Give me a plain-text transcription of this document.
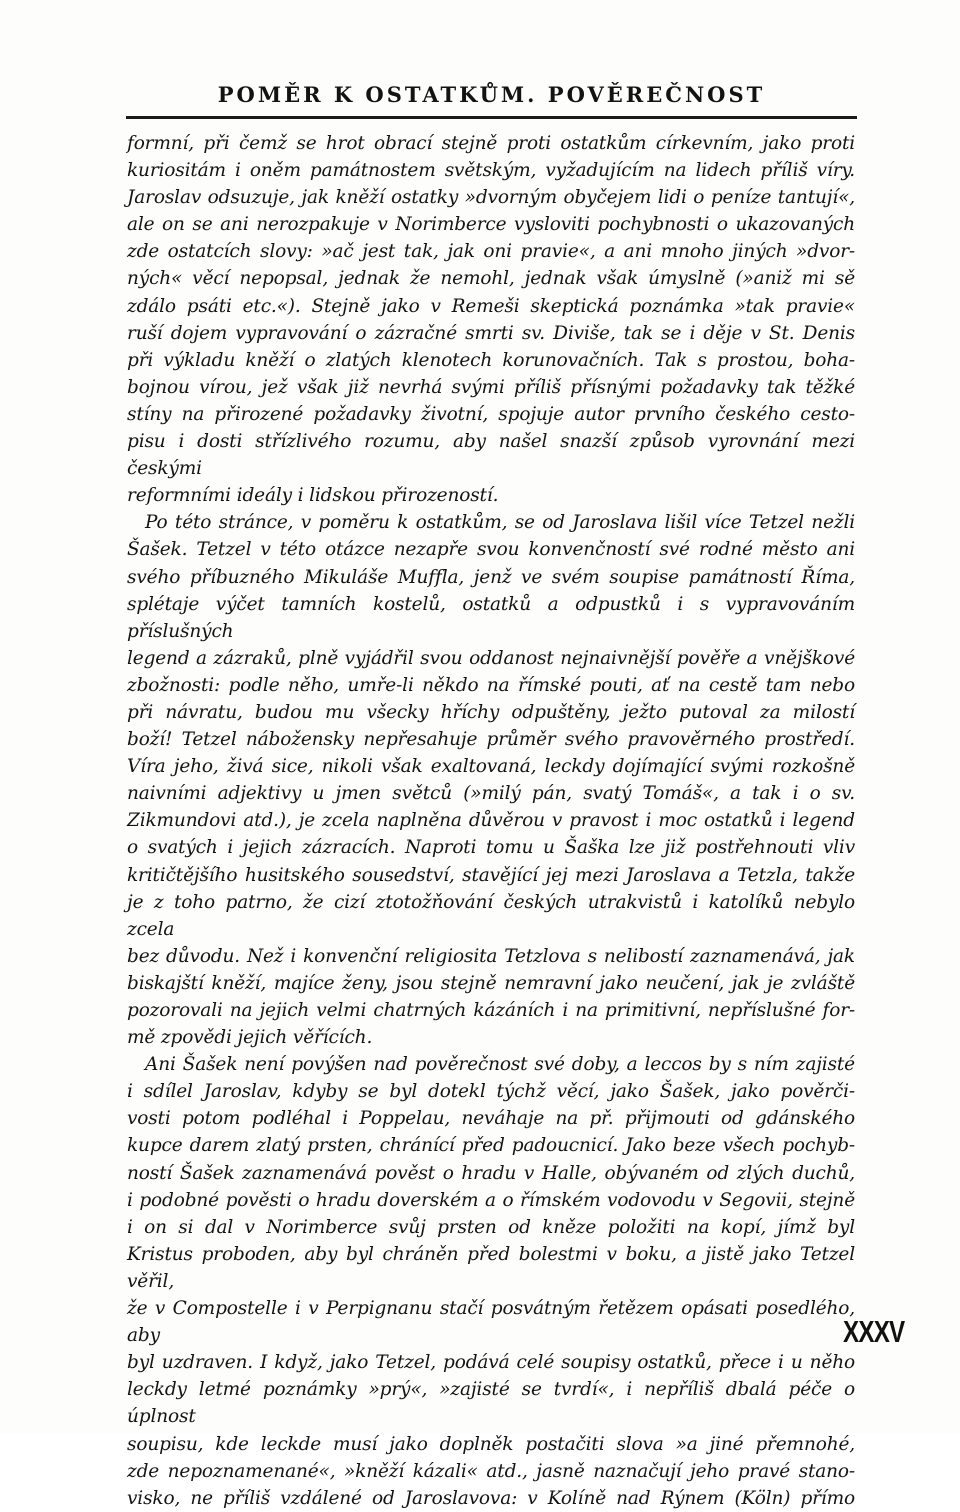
POMĚR K OSTATKŮM. POVĚREČNOST
formní, při čemž se hrot obrací stejně proti ostatkům církevním, jako proti
kuriositám i oněm památnostem světským, vyžadujícím na lidech příliš víry.
Jaroslav odsuzuje, jak kněží ostatky »dvorným obyčejem lidi o peníze tantují«,
ale on se ani nerozpakuje v Norimberce vysloviti pochybnosti o ukazovaných
zde ostatcích slovy: »ač jest tak, jak oni pravie«, a ani mnoho jiných »dvor-
ných« věcí nepopsal, jednak že nemohl, jednak však úmyslně (»aniž mi sě
zdálo psáti etc.«). Stejně jako v Remeši skeptická poznámka »tak pravie«
ruší dojem vypravování o zázračné smrti sv. Diviše, tak se i děje v St. Denis
při výkladu kněží o zlatých klenotech korunovačních. Tak s prostou, boha-
bojnou vírou, jež však již nevrhá svými příliš přísnými požadavky tak těžké
stíny na přirozené požadavky životní, spojuje autor prvního českého cesto-
pisu i dosti střízlivého rozumu, aby našel snazší způsob vyrovnání mezi českými
reformními ideály i lidskou přirozeností.
Po této stránce, v poměru k ostatkům, se od Jaroslava lišil více Tetzel nežli
Šašek. Tetzel v této otázce nezapře svou konvenčností své rodné město ani
svého příbuzného Mikuláše Muffla, jenž ve svém soupise památností Říma,
splétaje výčet tamních kostelů, ostatků a odpustků i s vypravováním příslušných
legend a zázraků, plně vyjádřil svou oddanost nejnaivnější pověře a vnějškové
zbožnosti: podle něho, umře-li někdo na římské pouti, ať na cestě tam nebo
při návratu, budou mu všecky hříchy odpuštěny, ježto putoval za milostí
boží! Tetzel nábožensky nepřesahuje průměr svého pravověrného prostředí.
Víra jeho, živá sice, nikoli však exaltovaná, leckdy dojímající svými rozkošně
naivními adjektivy u jmen světců (»milý pán, svatý Tomáš«, a tak i o sv.
Zikmundovi atd.), je zcela naplněna důvěrou v pravost i moc ostatků i legend
o svatých i jejich zázracích. Naproti tomu u Šaška lze již postřehnouti vliv
kritičtějšího husitského sousedství, stavějící jej mezi Jaroslava a Tetzla, takže
je z toho patrno, že cizí ztotožňování českých utrakvistů i katolíků nebylo zcela
bez důvodu. Než i konvenční religiosita Tetzlova s nelibostí zaznamenává, jak
biskajští kněží, majíce ženy, jsou stejně nemravní jako neučení, jak je zvláště
pozorovali na jejich velmi chatrných kázáních i na primitivní, nepříslušné for-
mě zpovědi jejich věřících.
Ani Šašek není povýšen nad pověrečnost své doby, a leccos by s ním zajisté
i sdílel Jaroslav, kdyby se byl dotekl týchž věcí, jako Šašek, jako pověrči-
vosti potom podléhal i Poppelau, neváhaje na př. přijmouti od gdánského
kupce darem zlatý prsten, chránící před padoucnicí. Jako beze všech pochyb-
ností Šašek zaznamenává pověst o hradu v Halle, obývaném od zlých duchů,
i podobné pověsti o hradu doverském a o římském vodovodu v Segovii, stejně
i on si dal v Norimberce svůj prsten od kněze položiti na kopí, jímž byl
Kristus proboden, aby byl chráněn před bolestmi v boku, a jistě jako Tetzel věřil,
že v Compostelle i v Perpignanu stačí posvátným řetězem opásati posedlého, aby
byl uzdraven. I když, jako Tetzel, podává celé soupisy ostatků, přece i u něho
leckdy letmé poznámky »prý«, »zajisté se tvrdí«, i nepříliš dbalá péče o úplnost
soupisu, kde leckde musí jako doplněk postačiti slova »a jiné přemnohé,
zde nepoznamenané«, »kněží kázali« atd., jasně naznačují jeho pravé stano-
visko, ne příliš vzdálené od Jaroslavova: v Kolíně nad Rýnem (Köln) přímo
XXXV
